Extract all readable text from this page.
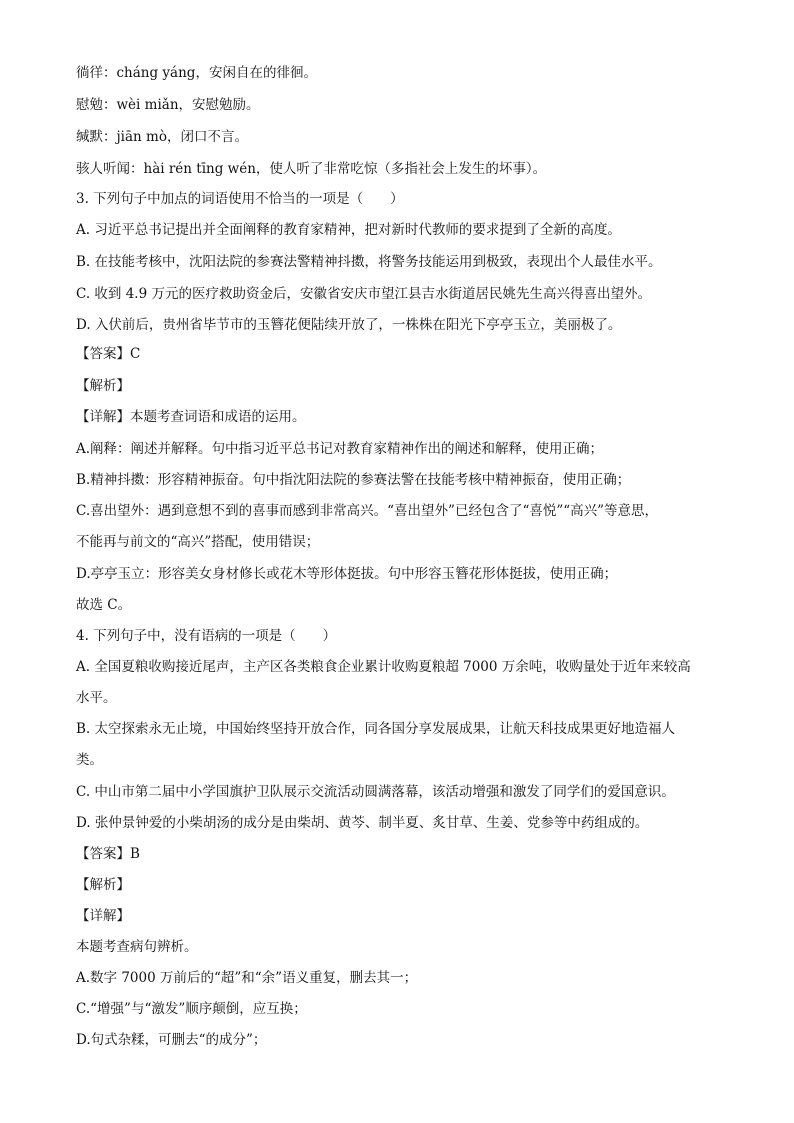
徜徉：cháng yáng，安闲自在的徘徊。
慰勉：wèi miǎn，安慰勉励。
缄默：jiān mò，闭口不言。
骇人听闻：hài rén tīng wén，使人听了非常吃惊（多指社会上发生的坏事）。
3. 下列句子中加点的词语使用不恰当的一项是（　　）
A. 习近平总书记提出并全面阐释的教育家精神，把对新时代教师的要求提到了全新的高度。
B. 在技能考核中，沈阳法院的参赛法警精神抖擞，将警务技能运用到极致，表现出个人最佳水平。
C. 收到 4.9 万元的医疗救助资金后，安徽省安庆市望江县吉水街道居民姚先生高兴得喜出望外。
D. 入伏前后，贵州省毕节市的玉簪花便陆续开放了，一株株在阳光下亭亭玉立，美丽极了。
【答案】C
【解析】
【详解】本题考查词语和成语的运用。
A.阐释：阐述并解释。句中指习近平总书记对教育家精神作出的阐述和解释，使用正确；
B.精神抖擞：形容精神振奋。句中指沈阳法院的参赛法警在技能考核中精神振奋，使用正确；
C.喜出望外：遇到意想不到的喜事而感到非常高兴。“喜出望外”已经包含了“喜悦”“高兴”等意思，
不能再与前文的“高兴”搭配，使用错误；
D.亭亭玉立：形容美女身材修长或花木等形体挺拔。句中形容玉簪花形体挺拔，使用正确；
故选 C。
4. 下列句子中，没有语病的一项是（　　）
A. 全国夏粮收购接近尾声，主产区各类粮食企业累计收购夏粮超 7000 万余吨，收购量处于近年来较高
水平。
B. 太空探索永无止境，中国始终坚持开放合作，同各国分享发展成果，让航天科技成果更好地造福人
类。
C. 中山市第二届中小学国旗护卫队展示交流活动圆满落幕，该活动增强和激发了同学们的爱国意识。
D. 张仲景钟爱的小柴胡汤的成分是由柴胡、黄芩、制半夏、炙甘草、生姜、党参等中药组成的。
【答案】B
【解析】
【详解】
本题考查病句辨析。
A.数字 7000 万前后的“超”和“余”语义重复，删去其一；
C.“增强”与“激发”顺序颠倒，应互换；
D.句式杂糅，可删去“的成分”；
